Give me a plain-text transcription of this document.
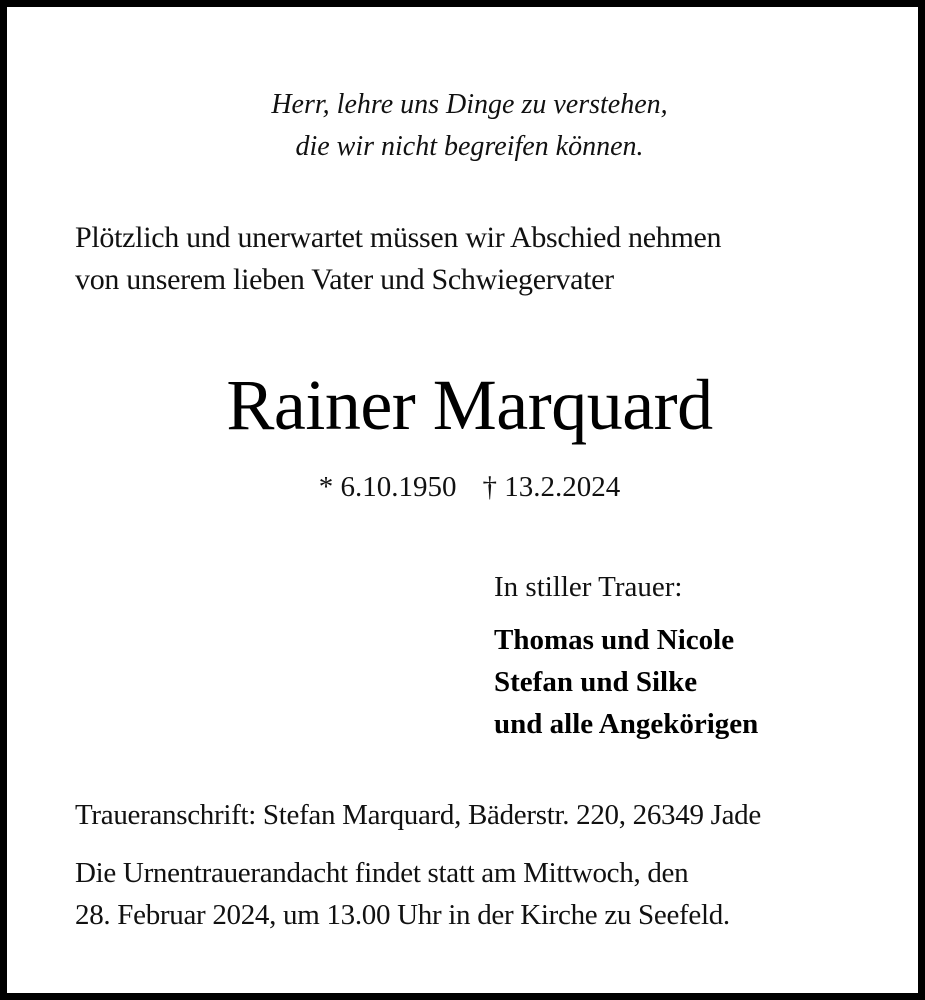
Herr, lehre uns Dinge zu verstehen,

die wir nicht begreifen können.

Plötzlich und unerwartet müssen wir Abschied nehmen

von unserem lieben Vater und Schwiegervater

Rainer Marquard

* 6.10.1950 † 13.2.2024

In stiller Trauer:

Thomas und Nicole

Stefan und Silke

und alle Angekörigen

Traueranschrift: Stefan Marquard, Bäderstr. 220, 26349 Jade

Die Urnentrauerandacht findet statt am Mittwoch, den

28. Februar 2024, um 13.00 Uhr in der Kirche zu Seefeld.
